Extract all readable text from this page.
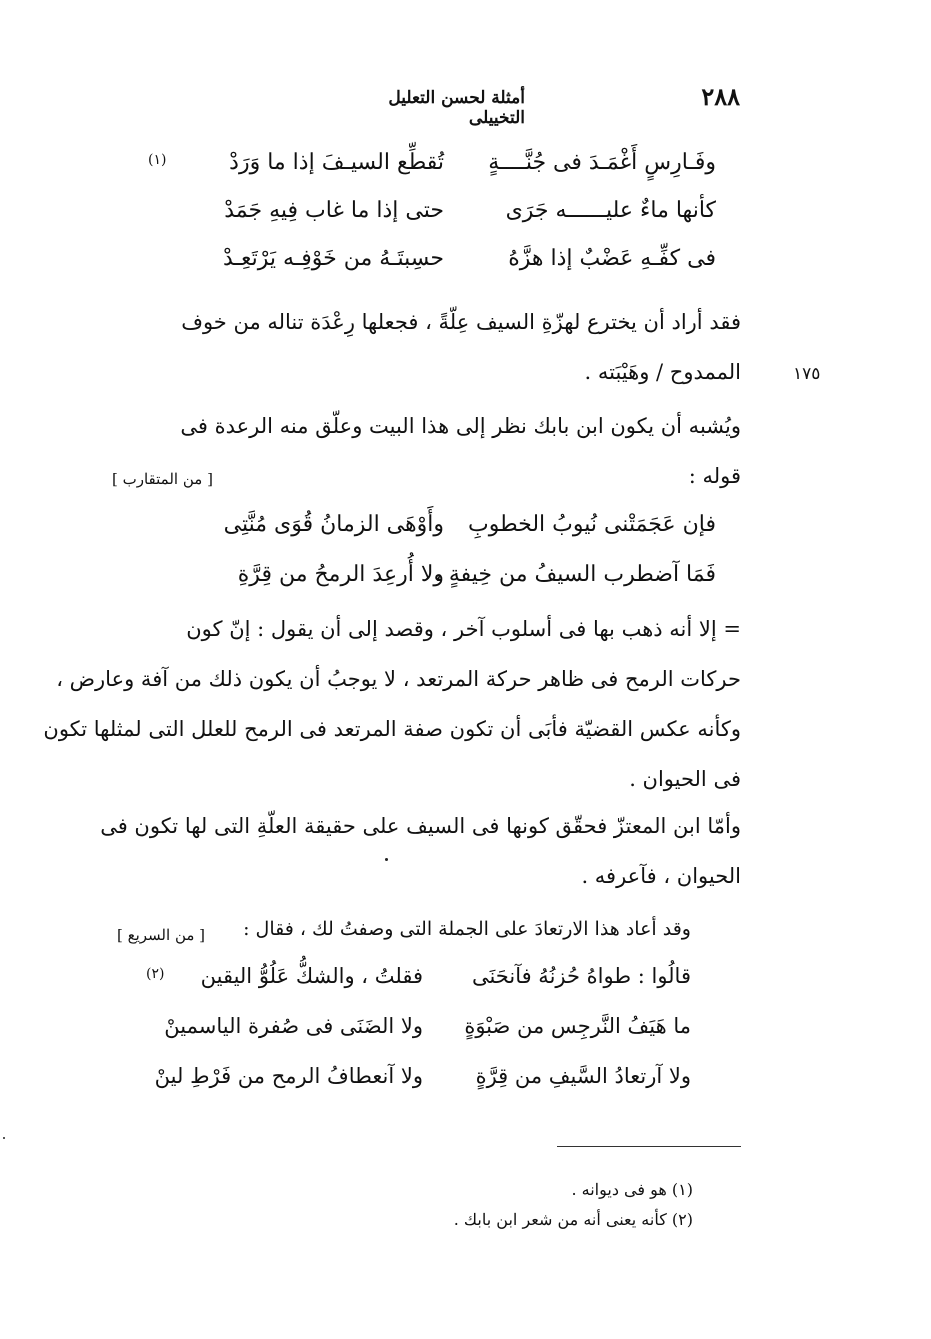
٢٨٨
أمثلة لحسن التعليل التخييلى
وفَـارِسٍ أَغْمَـدَ فى جُنَّــــةٍ
تُقطِّع السيـفَ إذا ما وَرَدْ
(١)
كأنها ماءٌ عليــــــه جَرَى
حتى إذا ما غاب فِيهِ جَمَدْ
فى كفِّـهِ عَضْبٌ إذا هزَّهُ
حسِبتَـهُ من خَوْفِـه يَرْتَعِـدْ
فقد أراد أن يخترع لهزّةِ السيف عِلّةً ، فجعلها رِعْدَة تناله من خوف
الممدوح / وهَيْبَته .	١٧٥
ويُشبه أن يكون ابن بابك نظر إلى هذا البيت وعلّق منه الرعدة فى
قوله :
[ من المتقارب ]
فإن عَجَمَتْنى نُيوبُ الخطوبِ
وأَوْهَى الزمانُ قُوَى مُنَّتِى
فَمَا آضطرب السيفُ من خِيفةٍ ،
ولا أُرعِدَ الرمحُ من قِرَّةِ
= إلا أنه ذهب بها فى أسلوب آخر ، وقصد إلى أن يقول : إنّ كون
حركات الرمح فى ظاهر حركة المرتعد ، لا يوجبُ أن يكون ذلك من آفة وعارض ،
وكأنه عكس القضيّة فأبَى أن تكون صفة المرتعد فى الرمح للعلل التى لمثلها تكون
فى الحيوان .
وأمّا ابن المعتزّ فحقّق كونها فى السيف على حقيقة العلّةِ التى لها تكون فى
الحيوان ، فآعرفه .
وقد أعاد هذا الارتعادَ على الجملة التى وصفتُ لك ، فقال :
[ من السريع ]
قالُوا : طواهُ حُزنُهُ فآنحَنَى
فقلتُ ، والشكُّ عَلُوُّ اليقين
(٢)
ما هَيَفُ النَّرجِس من صَبْوَةٍ
ولا الضَنَى فى صُفرة الياسمينْ
ولا آرتعادُ السَّيفِ من قِرَّةٍ
ولا آنعطافُ الرمح من فَرْطِ لينْ
(١) هو فى ديوانه .
(٢) كأنه يعنى أنه من شعر ابن بابك .
